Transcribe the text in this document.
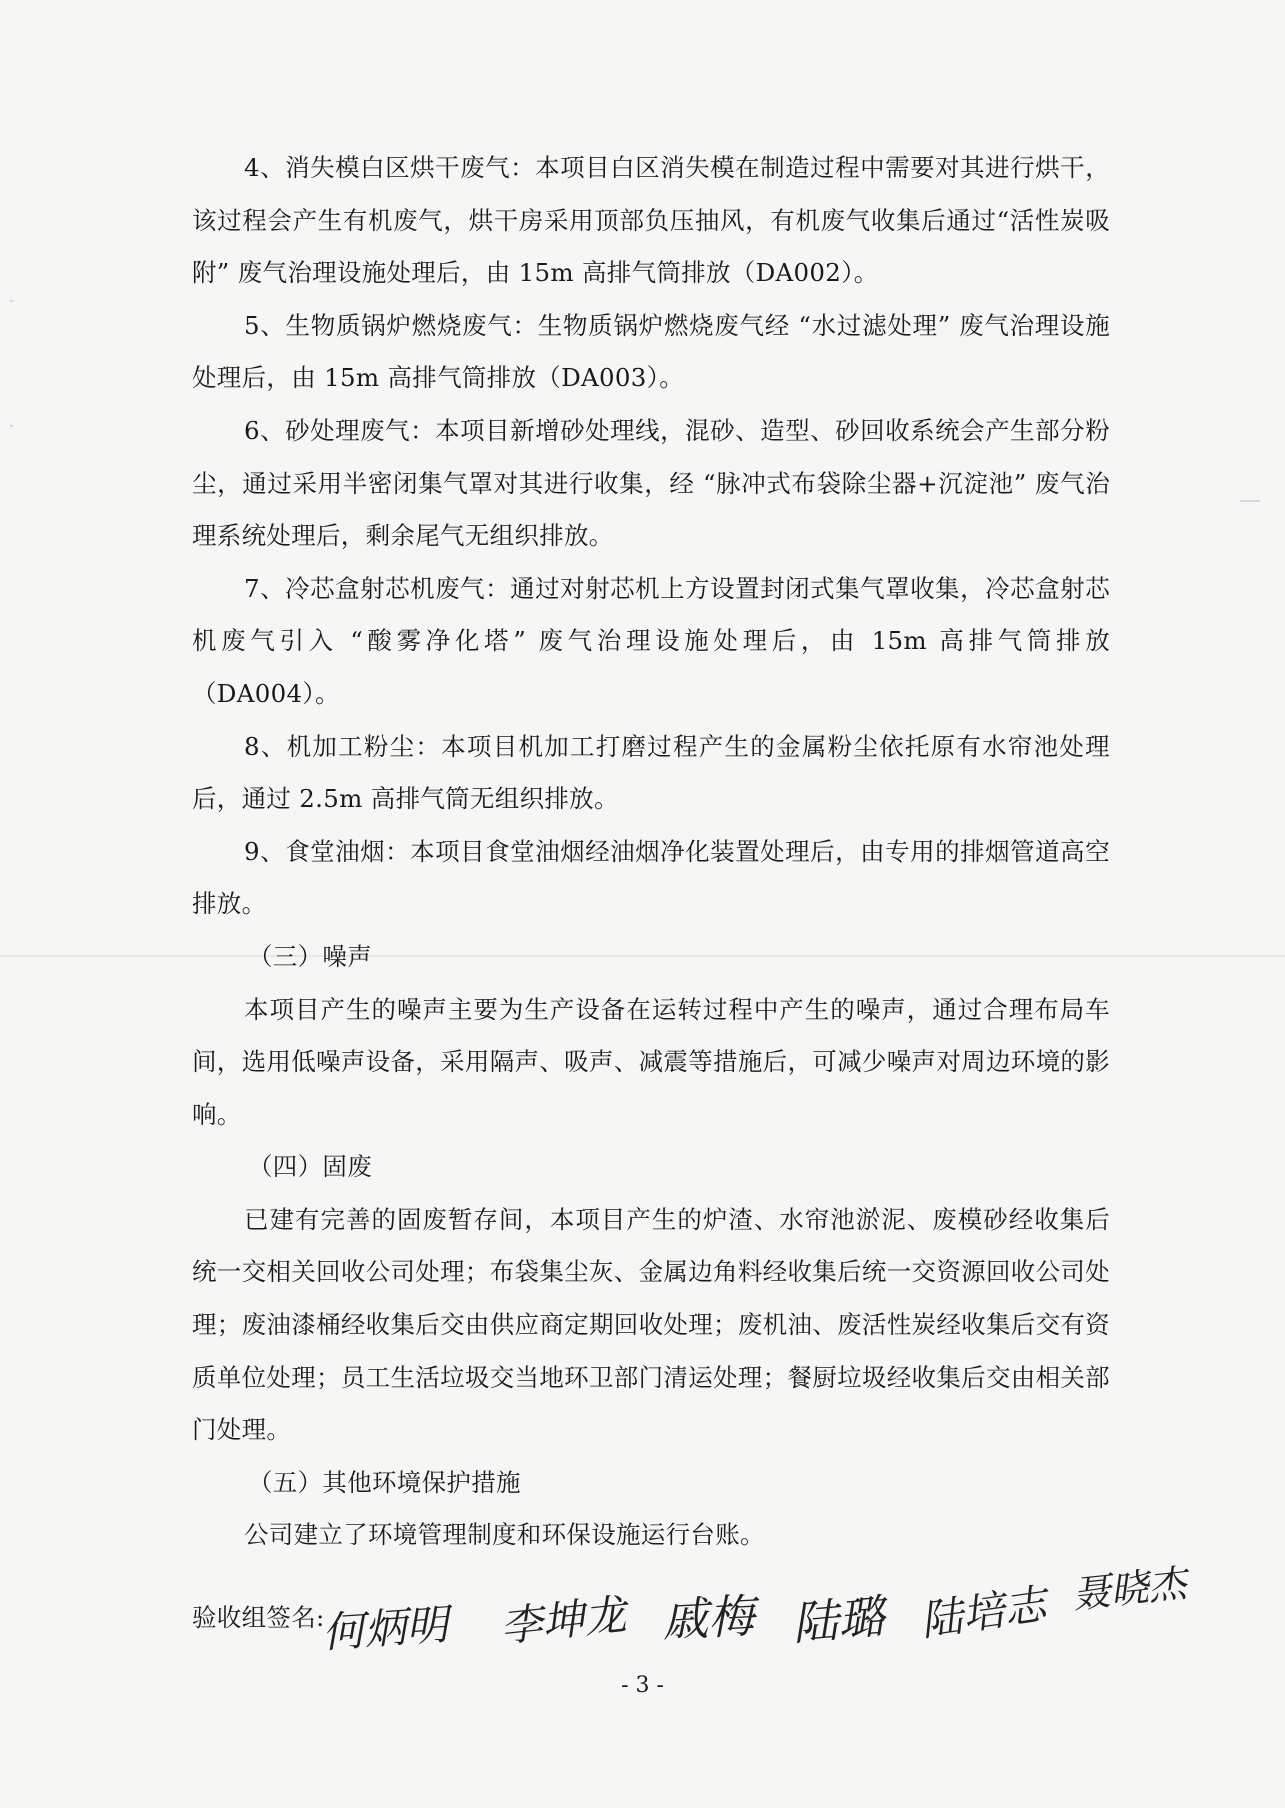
4、消失模白区烘干废气：本项目白区消失模在制造过程中需要对其进行烘干，该过程会产生有机废气，烘干房采用顶部负压抽风，有机废气收集后通过“活性炭吸附” 废气治理设施处理后，由 15m 高排气筒排放（DA002）。

5、生物质锅炉燃烧废气：生物质锅炉燃烧废气经 “水过滤处理” 废气治理设施处理后，由 15m 高排气筒排放（DA003）。

6、砂处理废气：本项目新增砂处理线，混砂、造型、砂回收系统会产生部分粉尘，通过采用半密闭集气罩对其进行收集，经 “脉冲式布袋除尘器+沉淀池” 废气治理系统处理后，剩余尾气无组织排放。

7、冷芯盒射芯机废气：通过对射芯机上方设置封闭式集气罩收集，冷芯盒射芯机废气引入 “酸雾净化塔” 废气治理设施处理后，由 15m 高排气筒排放（DA004）。

8、机加工粉尘：本项目机加工打磨过程产生的金属粉尘依托原有水帘池处理后，通过 2.5m 高排气筒无组织排放。

9、食堂油烟：本项目食堂油烟经油烟净化装置处理后，由专用的排烟管道高空排放。

（三）噪声

本项目产生的噪声主要为生产设备在运转过程中产生的噪声，通过合理布局车间，选用低噪声设备，采用隔声、吸声、减震等措施后，可减少噪声对周边环境的影响。

（四）固废

已建有完善的固废暂存间，本项目产生的炉渣、水帘池淤泥、废模砂经收集后统一交相关回收公司处理；布袋集尘灰、金属边角料经收集后统一交资源回收公司处理；废油漆桶经收集后交由供应商定期回收处理；废机油、废活性炭经收集后交有资质单位处理；员工生活垃圾交当地环卫部门清运处理；餐厨垃圾经收集后交由相关部门处理。

（五）其他环境保护措施

公司建立了环境管理制度和环保设施运行台账。

验收组签名:
何炳明 李坤龙 戚梅 陆璐 陆培志 聂晓杰
- 3 -
